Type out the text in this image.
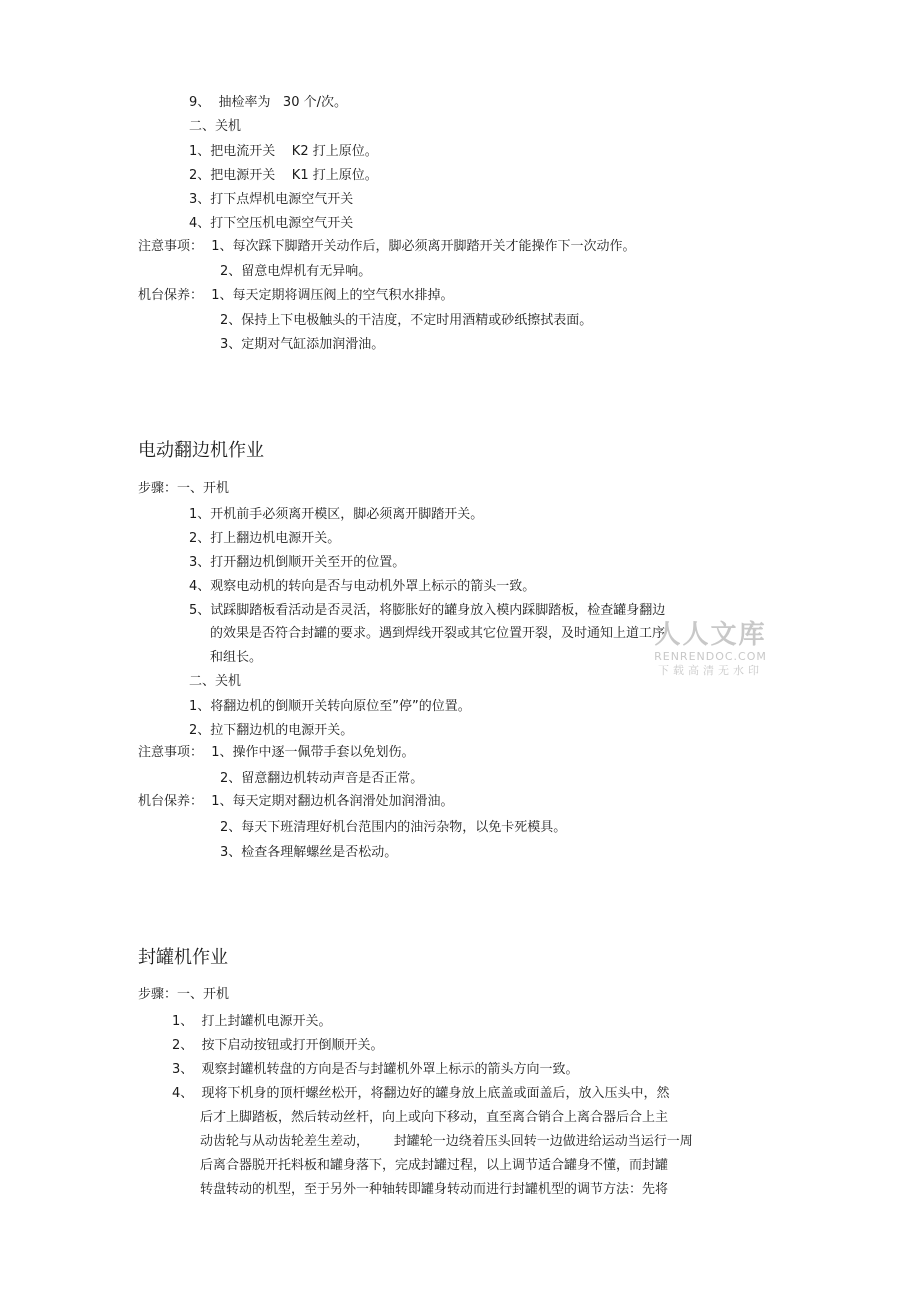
9、  抽检率为   30 个/次。
二、关机
1、把电流开关    K2 打上原位。
2、把电源开关    K1 打上原位。
3、打下点焊机电源空气开关
4、打下空压机电源空气开关
注意事项：  1、每次踩下脚踏开关动作后，脚必须离开脚踏开关才能操作下一次动作。
2、留意电焊机有无异响。
机台保养：  1、每天定期将调压阀上的空气积水排掉。
2、保持上下电极触头的干洁度，不定时用酒精或砂纸擦拭表面。
3、定期对气缸添加润滑油。
电动翻边机作业
步骤：一、开机
1、开机前手必须离开模区，脚必须离开脚踏开关。
2、打上翻边机电源开关。
3、打开翻边机倒顺开关至开的位置。
4、观察电动机的转向是否与电动机外罩上标示的箭头一致。
5、试踩脚踏板看活动是否灵活，将膨胀好的罐身放入模内踩脚踏板，检查罐身翻边
的效果是否符合封罐的要求。遇到焊线开裂或其它位置开裂，及时通知上道工序
和组长。
二、关机
1、将翻边机的倒顺开关转向原位至”停”的位置。
2、拉下翻边机的电源开关。
注意事项：  1、操作中逐一佩带手套以免划伤。
2、留意翻边机转动声音是否正常。
机台保养：  1、每天定期对翻边机各润滑处加润滑油。
2、每天下班清理好机台范围内的油污杂物，以免卡死模具。
3、检查各理解螺丝是否松动。
封罐机作业
步骤：一、开机
1、  打上封罐机电源开关。
2、  按下启动按钮或打开倒顺开关。
3、  观察封罐机转盘的方向是否与封罐机外罩上标示的箭头方向一致。
4、  现将下机身的顶杆螺丝松开，将翻边好的罐身放上底盖或面盖后，放入压头中，然
后才上脚踏板，然后转动丝杆，向上或向下移动，直至离合销合上离合器后合上主
动齿轮与从动齿轮差生差动，      封罐轮一边绕着压头回转一边做进给运动当运行一周
后离合器脱开托料板和罐身落下，完成封罐过程，以上调节适合罐身不懂，而封罐
转盘转动的机型，至于另外一种轴转即罐身转动而进行封罐机型的调节方法：先将
人人文库
RENRENDOC.COM
下载高清无水印
